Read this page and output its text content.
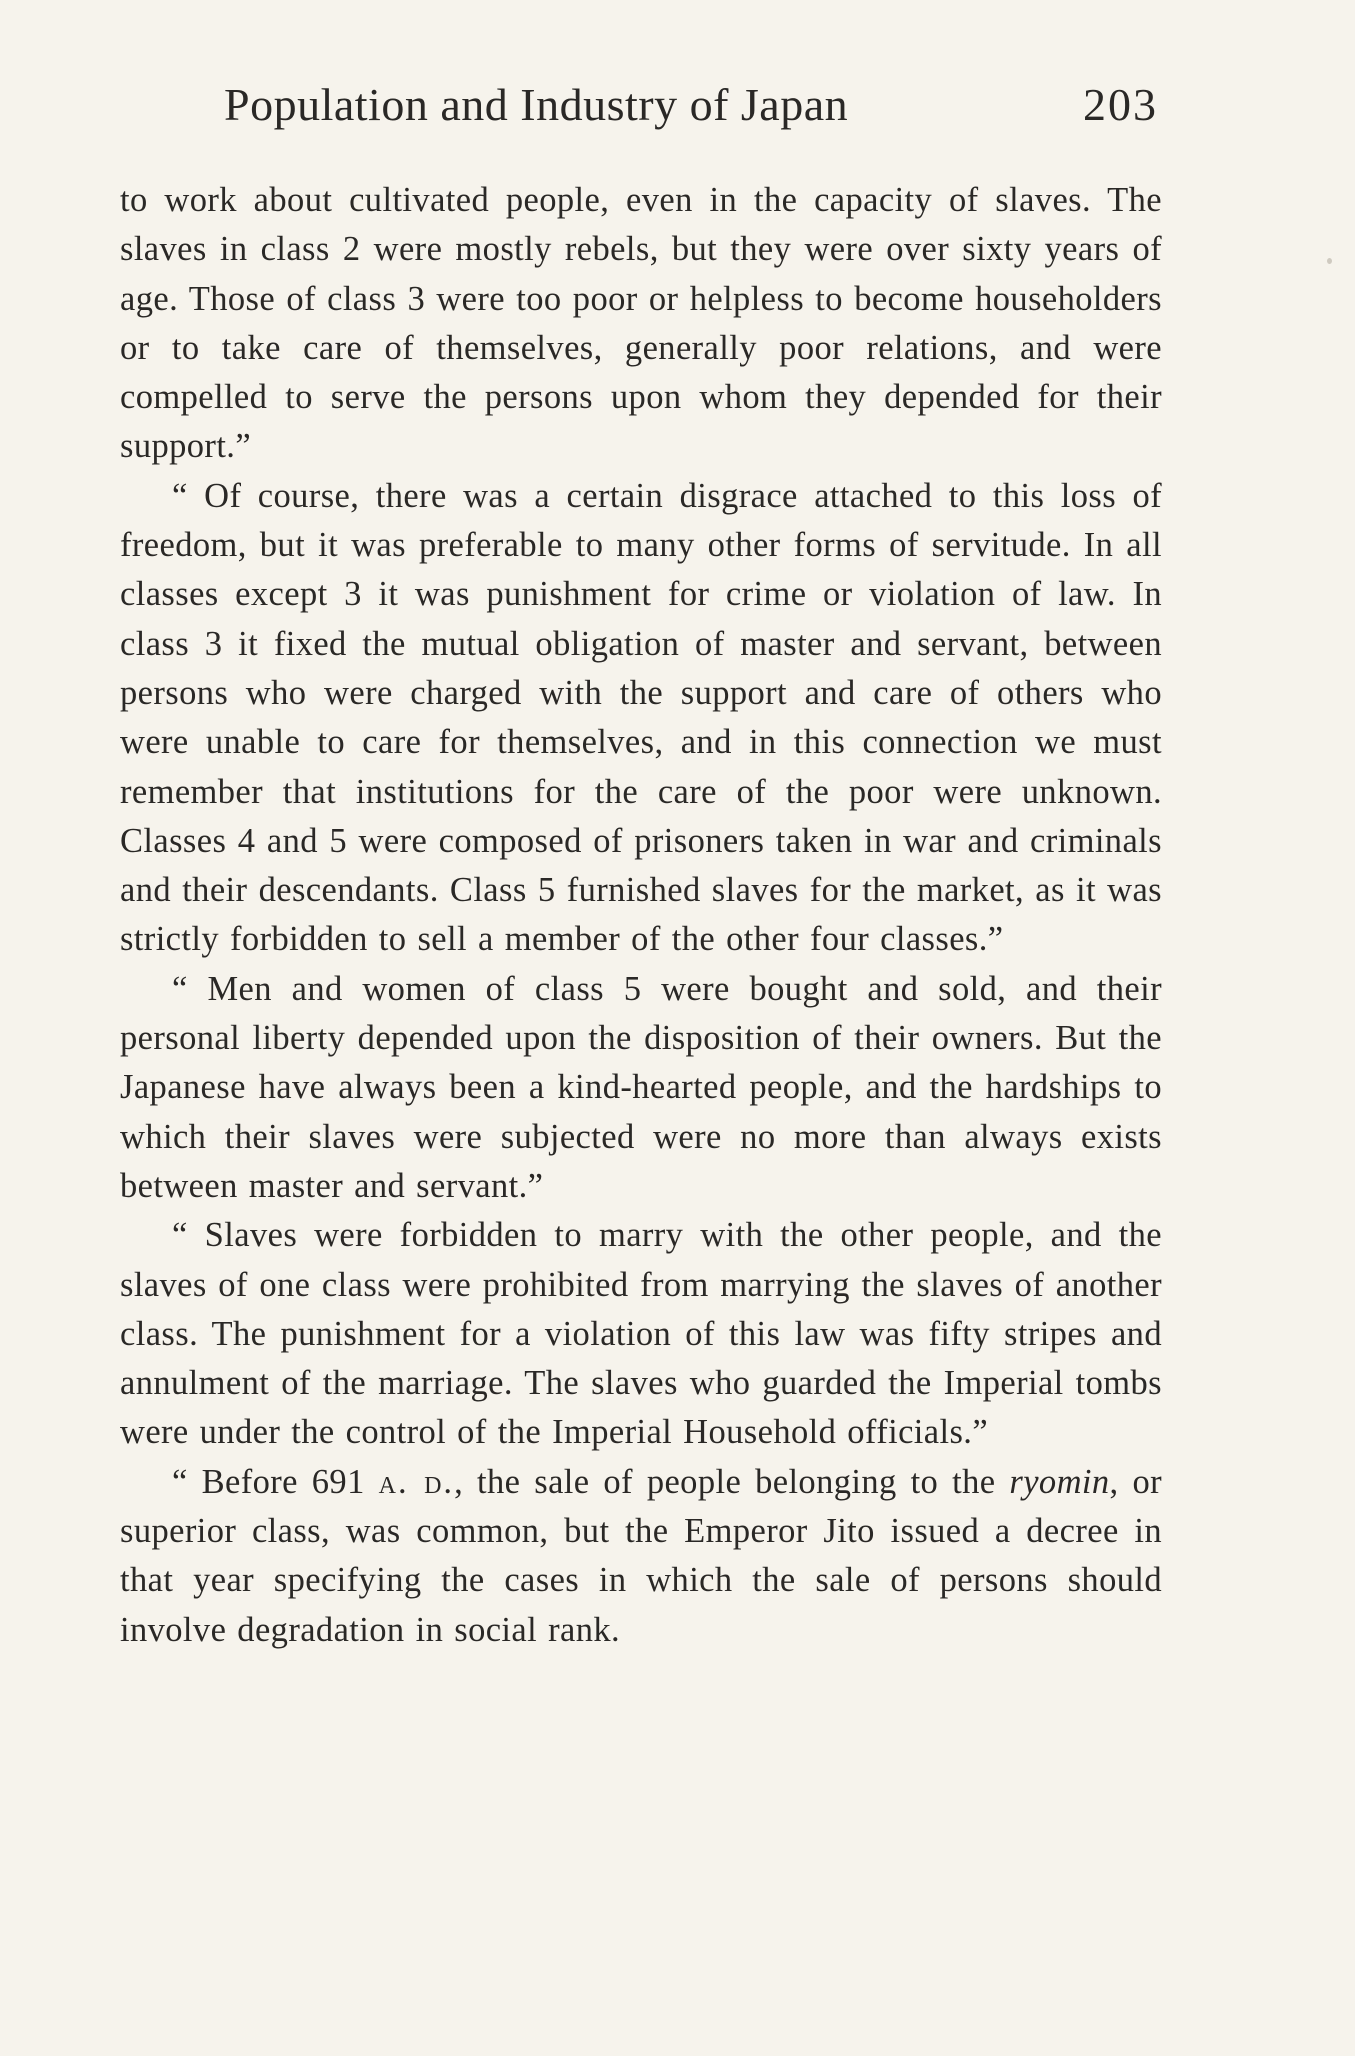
Population and Industry of Japan	203

to work about cultivated people, even in the capacity of slaves. The slaves in class 2 were mostly rebels, but they were over sixty years of age. Those of class 3 were too poor or helpless to become householders or to take care of themselves, generally poor relations, and were compelled to serve the persons upon whom they depended for their support.”

“ Of course, there was a certain disgrace attached to this loss of freedom, but it was preferable to many other forms of servitude. In all classes except 3 it was punishment for crime or violation of law. In class 3 it fixed the mutual obligation of master and servant, between persons who were charged with the support and care of others who were unable to care for themselves, and in this connection we must remember that institutions for the care of the poor were unknown. Classes 4 and 5 were composed of prisoners taken in war and criminals and their descendants. Class 5 furnished slaves for the market, as it was strictly forbidden to sell a member of the other four classes.”

“ Men and women of class 5 were bought and sold, and their personal liberty depended upon the disposition of their owners. But the Japanese have always been a kind-hearted people, and the hardships to which their slaves were subjected were no more than always exists between master and servant.”

“ Slaves were forbidden to marry with the other people, and the slaves of one class were prohibited from marrying the slaves of another class. The punishment for a violation of this law was fifty stripes and annulment of the marriage. The slaves who guarded the Imperial tombs were under the control of the Imperial Household officials.”

“ Before 691 a. d., the sale of people belonging to the ryomin, or superior class, was common, but the Emperor Jito issued a decree in that year specifying the cases in which the sale of persons should involve degradation in social rank.
